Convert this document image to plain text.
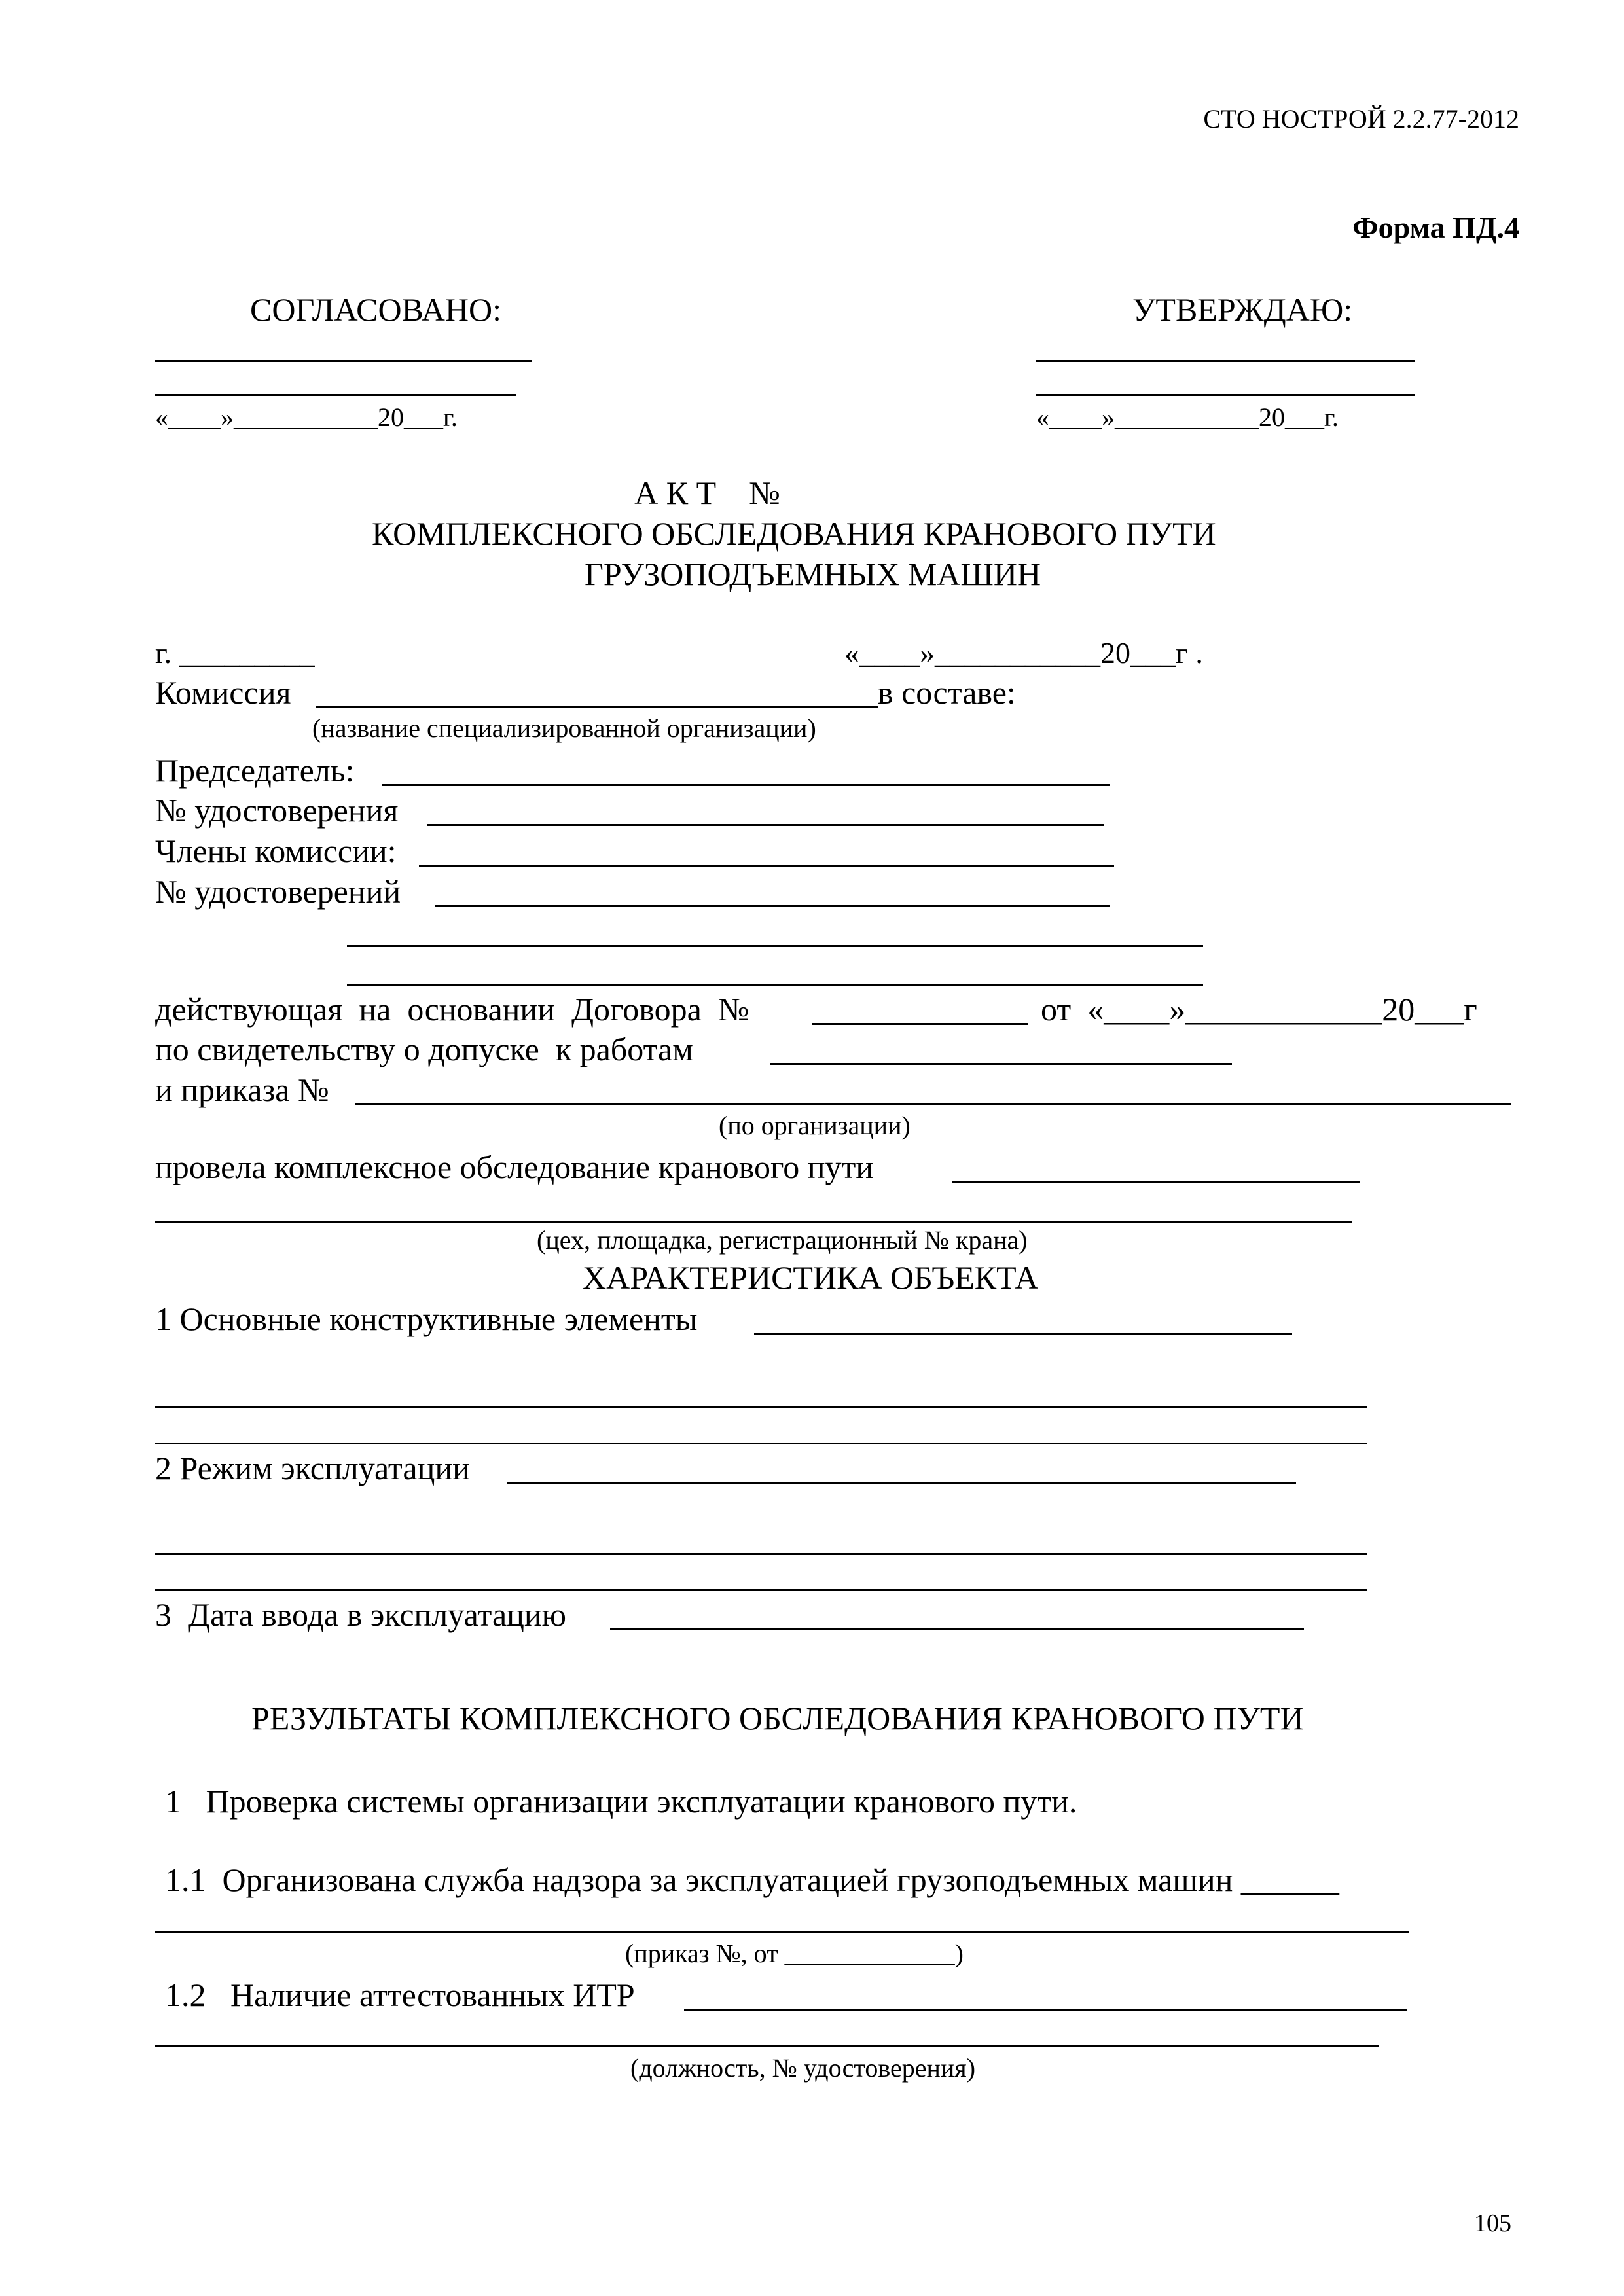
СТО НОСТРОЙ 2.2.77-2012
Форма ПД.4
СОГЛАСОВАНО:	УТВЕРЖДАЮ:
«____»___________20___г.	«____»___________20___г.
А К Т    №
КОМПЛЕКСНОГО ОБСЛЕДОВАНИЯ КРАНОВОГО ПУТИ
ГРУЗОПОДЪЕМНЫХ МАШИН
г. _________	«____»___________20___г .
Комиссия	в составе:
(название специализированной организации)
Председатель:
№ удостоверения
Члены комиссии:
№ удостоверений
действующая  на  основании  Договора  №	от  «____»____________20___г
по свидетельству о допуске  к работам
и приказа №
(по организации)
провела комплексное обследование кранового пути
(цех, площадка, регистрационный № крана)
ХАРАКТЕРИСТИКА ОБЪЕКТА
1 Основные конструктивные элементы
2 Режим эксплуатации
3  Дата ввода в эксплуатацию
РЕЗУЛЬТАТЫ КОМПЛЕКСНОГО ОБСЛЕДОВАНИЯ КРАНОВОГО ПУТИ
1   Проверка системы организации эксплуатации кранового пути.
1.1  Организована служба надзора за эксплуатацией грузоподъемных машин ______
(приказ №, от _____________)
1.2   Наличие аттестованных ИТР
(должность, № удостоверения)
105
